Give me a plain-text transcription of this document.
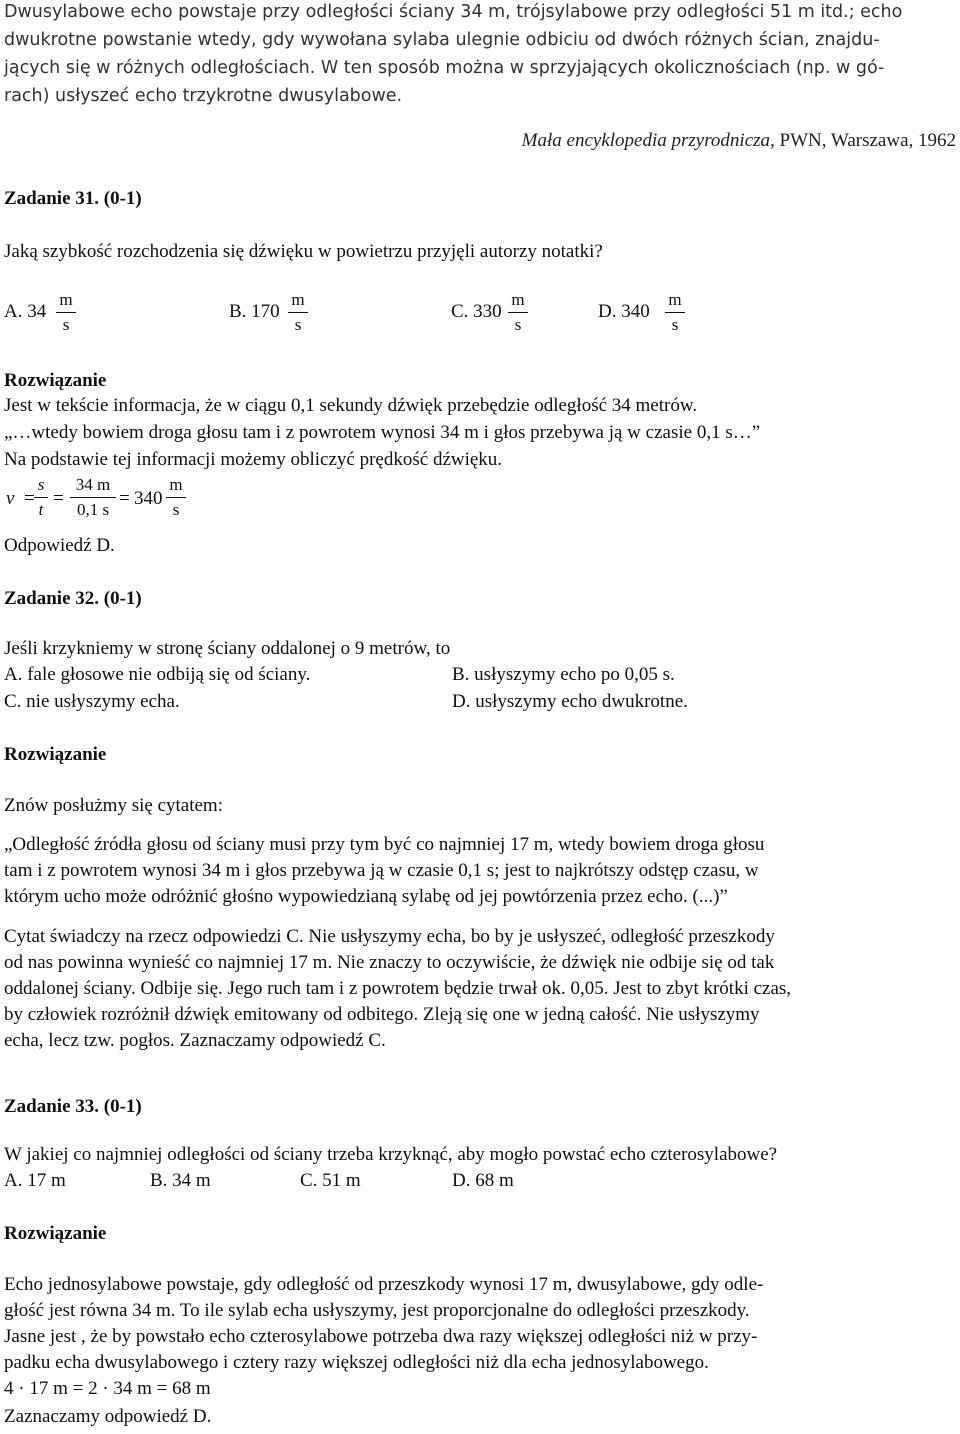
Dwusylabowe echo powstaje przy odległości ściany 34 m, trójsylabowe przy odległości 51 m itd.; echo
dwukrotne powstanie wtedy, gdy wywołana sylaba ulegnie odbiciu od dwóch różnych ścian, znajdu-
jących się w różnych odległościach. W ten sposób można w sprzyjających okolicznościach (np. w gó-
rach) usłyszeć echo trzykrotne dwusylabowe.
Mała encyklopedia przyrodnicza, PWN, Warszawa, 1962
Zadanie 31. (0-1)
Jaką szybkość rozchodzenia się dźwięku w powietrzu przyjęli autorzy notatki?
A. 34
m
s
B. 170
m
s
C. 330
m
s
D. 340
m
s
Rozwiązanie
Jest w tekście informacja, że w ciągu 0,1 sekundy dźwięk przebędzie odległość 34 metrów.
„…wtedy bowiem droga głosu tam i z powrotem wynosi 34 m i głos przebywa ją w czasie 0,1 s…”
Na podstawie tej informacji możemy obliczyć prędkość dźwięku.
v =
s
t
=
34 m
0,1 s
= 340
m
s
Odpowiedź D.
Zadanie 32. (0-1)
Jeśli krzykniemy w stronę ściany oddalonej o 9 metrów, to
A. fale głosowe nie odbiją się od ściany.	B. usłyszymy echo po 0,05 s.
C. nie usłyszymy echa.	D. usłyszymy echo dwukrotne.
Rozwiązanie
Znów posłużmy się cytatem:
„Odległość źródła głosu od ściany musi przy tym być co najmniej 17 m, wtedy bowiem droga głosu
tam i z powrotem wynosi 34 m i głos przebywa ją w czasie 0,1 s; jest to najkrótszy odstęp czasu, w
którym ucho może odróżnić głośno wypowiedzianą sylabę od jej powtórzenia przez echo. (...)”
Cytat świadczy na rzecz odpowiedzi C. Nie usłyszymy echa, bo by je usłyszeć, odległość przeszkody
od nas powinna wynieść co najmniej 17 m. Nie znaczy to oczywiście, że dźwięk nie odbije się od tak
oddalonej ściany. Odbije się. Jego ruch tam i z powrotem będzie trwał ok. 0,05. Jest to zbyt krótki czas,
by człowiek rozróżnił dźwięk emitowany od odbitego. Zleją się one w jedną całość. Nie usłyszymy
echa, lecz tzw. pogłos. Zaznaczamy odpowiedź C.
Zadanie 33. (0-1)
W jakiej co najmniej odległości od ściany trzeba krzyknąć, aby mogło powstać echo czterosylabowe?
A. 17 m	B. 34 m	C. 51 m	D. 68 m
Rozwiązanie
Echo jednosylabowe powstaje, gdy odległość od przeszkody wynosi 17 m, dwusylabowe, gdy odle-
głość jest równa 34 m. To ile sylab echa usłyszymy, jest proporcjonalne do odległości przeszkody.
Jasne jest , że by powstało echo czterosylabowe potrzeba dwa razy większej odległości niż w przy-
padku echa dwusylabowego i cztery razy większej odległości niż dla echa jednosylabowego.
4 · 17 m = 2 · 34 m = 68 m
Zaznaczamy odpowiedź D.
